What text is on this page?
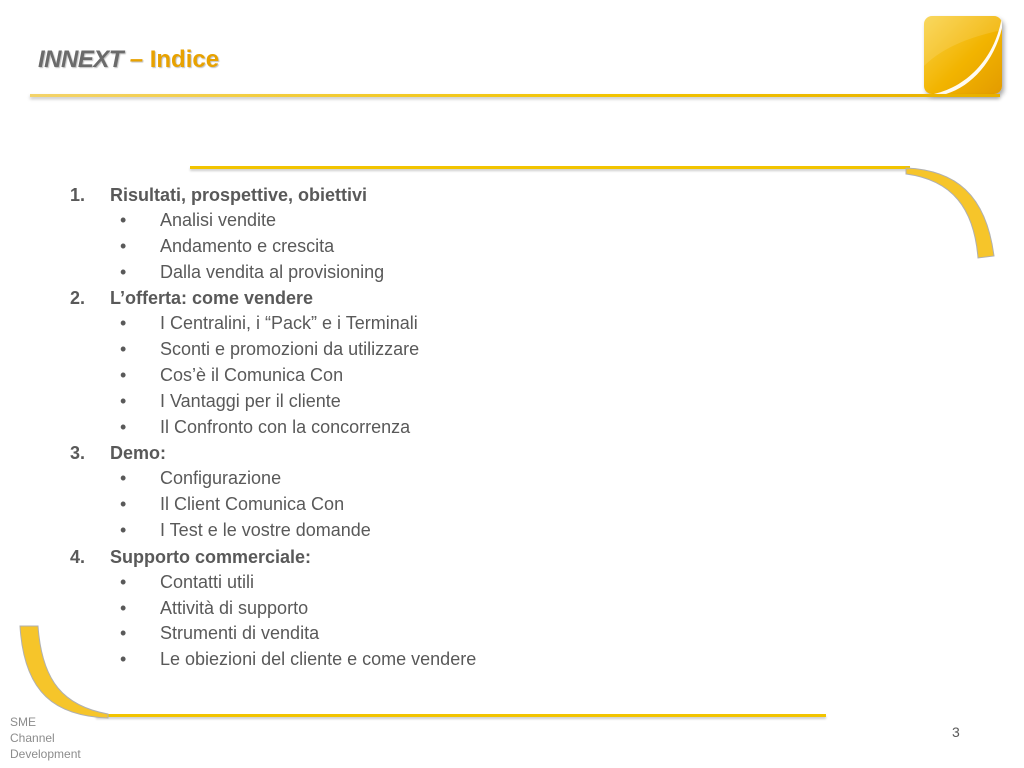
INNEXT – Indice
1. Risultati, prospettive, obiettivi
• Analisi vendite
• Andamento e crescita
• Dalla vendita al provisioning
2. L’offerta: come vendere
• I Centralini, i “Pack” e i Terminali
• Sconti e promozioni da utilizzare
• Cos’è il Comunica Con
• I Vantaggi per il cliente
• Il Confronto con la concorrenza
3. Demo:
• Configurazione
• Il Client Comunica Con
• I Test e le vostre domande
4. Supporto commerciale:
• Contatti utili
• Attività di supporto
• Strumenti di vendita
• Le obiezioni del cliente e come vendere
SME
Channel
Development
3
